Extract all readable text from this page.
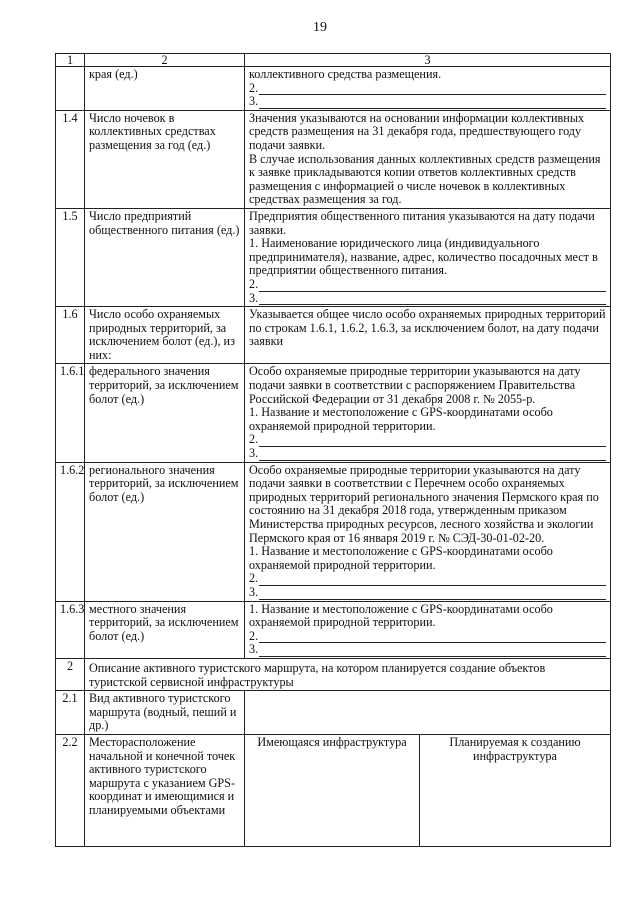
19
1	2	3	
	края (ед.)	коллективного средства размещения.
2.
3.	

1.4	Число ночевок в коллективных средствах размещения за год (ед.)	Значения указываются на основании информации коллективных средств размещения на 31 декабря года, предшествующего году подачи заявки.
В случае использования данных коллективных средств размещения к заявке прикладываются копии ответов коллективных средств размещения с информацией о числе ночевок в коллективных средствах размещения за год.	

1.5	Число предприятий общественного питания (ед.)	Предприятия общественного питания указываются на дату подачи заявки.
1. Наименование юридического лица (индивидуального предпринимателя), название, адрес, количество посадочных мест в предприятии общественного питания.
2.
3.	

1.6	Число особо охраняемых природных территорий, за исключением болот (ед.), из них:	Указывается общее число особо охраняемых природных территорий по строкам 1.6.1, 1.6.2, 1.6.3, за исключением болот, на дату подачи заявки	

1.6.1	федерального значения территорий, за исключением болот (ед.)	Особо охраняемые природные территории указываются на дату подачи заявки в соответствии с распоряжением Правительства Российской Федерации от 31 декабря 2008 г. № 2055-р.
1. Название и местоположение с GPS-координатами особо охраняемой природной территории.
2.
3.	

1.6.2	регионального значения территорий, за исключением болот (ед.)	Особо охраняемые природные территории указываются на дату подачи заявки в соответствии с Перечнем особо охраняемых природных территорий регионального значения Пермского края по состоянию на 31 декабря 2018 года, утвержденным приказом Министерства природных ресурсов, лесного хозяйства и экологии Пермского края от 16 января 2019 г. № СЭД-30-01-02-20.
1. Название и местоположение с GPS-координатами особо охраняемой природной территории.
2.
3.	

1.6.3	местного значения территорий, за исключением болот (ед.)	1. Название и местоположение с GPS-координатами особо охраняемой природной территории.
2.
3.	

2	Описание активного туристского маршрута, на котором планируется создание объектов туристской сервисной инфраструктуры		
2.1	Вид активного туристского маршрута (водный, пеший и др.)		
2.2	Месторасположение начальной и конечной точек активного туристского маршрута с указанием GPS-координат и имеющимися и планируемыми объектами	Имеющаяся инфраструктура	Планируемая к созданию инфраструктура
